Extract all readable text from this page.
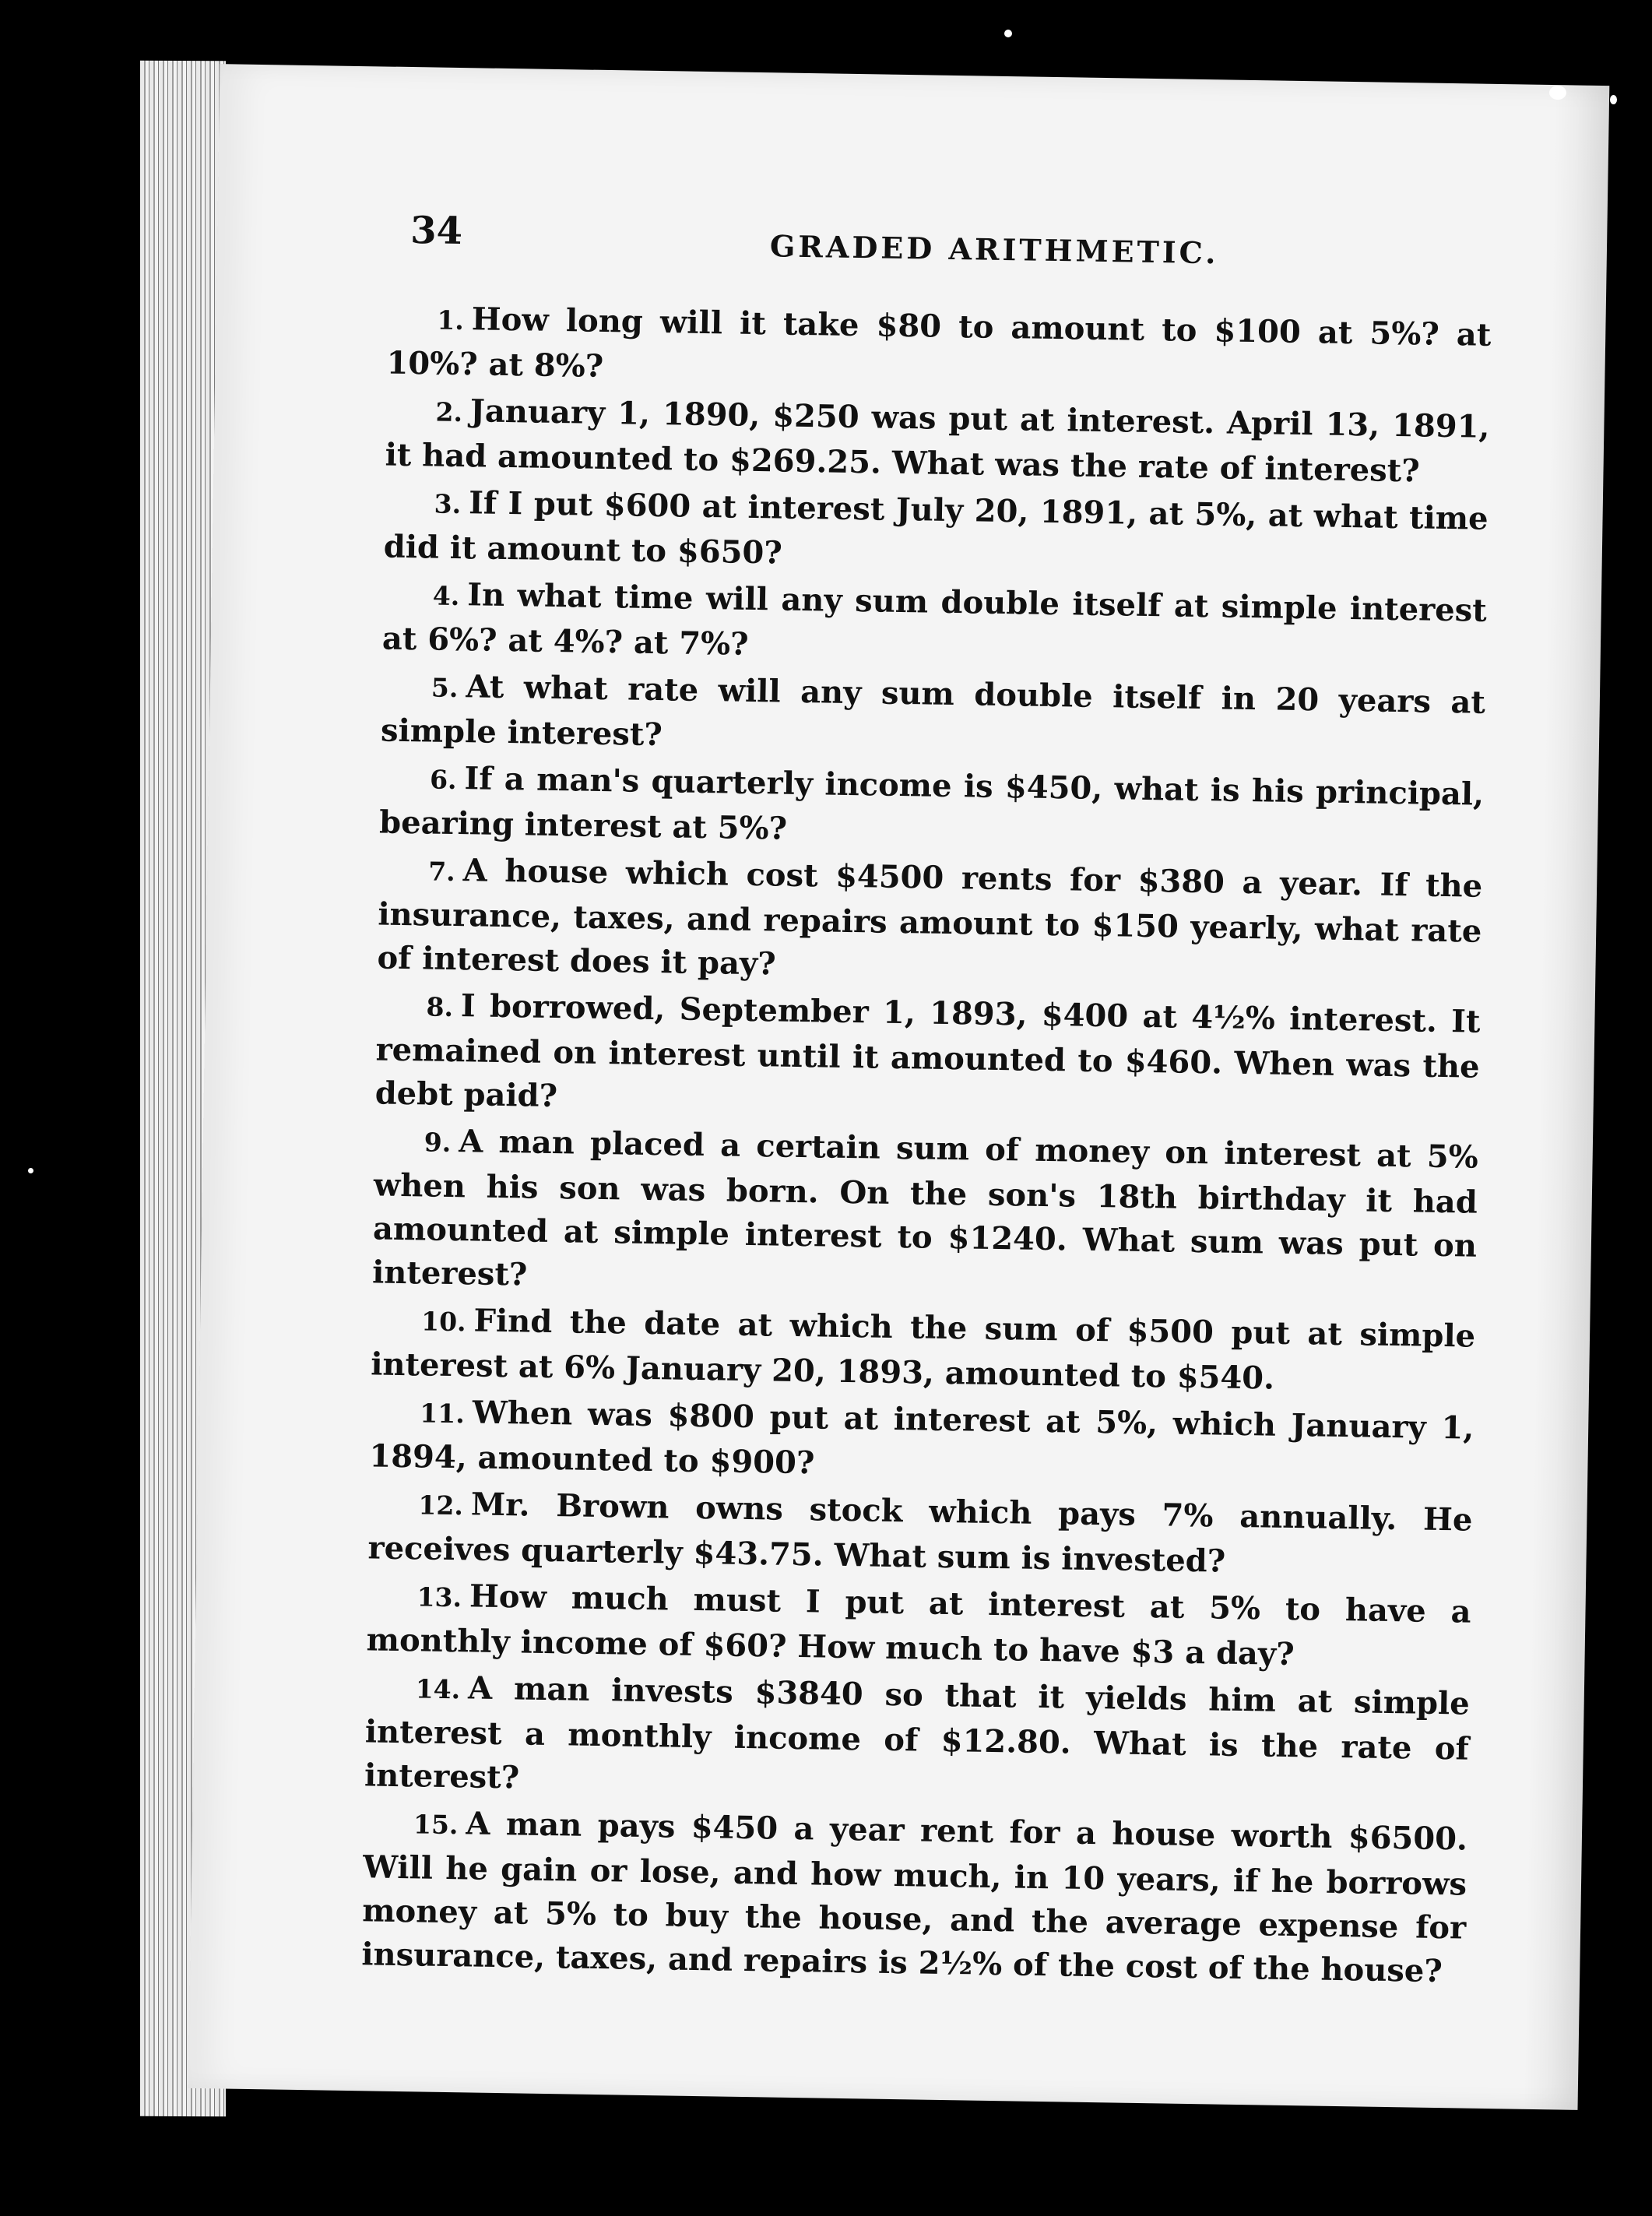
34	GRADED ARITHMETIC.

1. How long will it take $80 to amount to $100 at 5%? at 10%? at 8%?

2. January 1, 1890, $250 was put at interest. April 13, 1891, it had amounted to $269.25. What was the rate of interest?

3. If I put $600 at interest July 20, 1891, at 5%, at what time did it amount to $650?

4. In what time will any sum double itself at simple interest at 6%? at 4%? at 7%?

5. At what rate will any sum double itself in 20 years at simple interest?

6. If a man's quarterly income is $450, what is his principal, bearing interest at 5%?

7. A house which cost $4500 rents for $380 a year. If the insurance, taxes, and repairs amount to $150 yearly, what rate of interest does it pay?

8. I borrowed, September 1, 1893, $400 at 4½% interest. It remained on interest until it amounted to $460. When was the debt paid?

9. A man placed a certain sum of money on interest at 5% when his son was born. On the son's 18th birthday it had amounted at simple interest to $1240. What sum was put on interest?

10. Find the date at which the sum of $500 put at simple interest at 6% January 20, 1893, amounted to $540.

11. When was $800 put at interest at 5%, which January 1, 1894, amounted to $900?

12. Mr. Brown owns stock which pays 7% annually. He receives quarterly $43.75. What sum is invested?

13. How much must I put at interest at 5% to have a monthly income of $60? How much to have $3 a day?

14. A man invests $3840 so that it yields him at simple interest a monthly income of $12.80. What is the rate of interest?

15. A man pays $450 a year rent for a house worth $6500. Will he gain or lose, and how much, in 10 years, if he borrows money at 5% to buy the house, and the average expense for insurance, taxes, and repairs is 2½% of the cost of the house?
